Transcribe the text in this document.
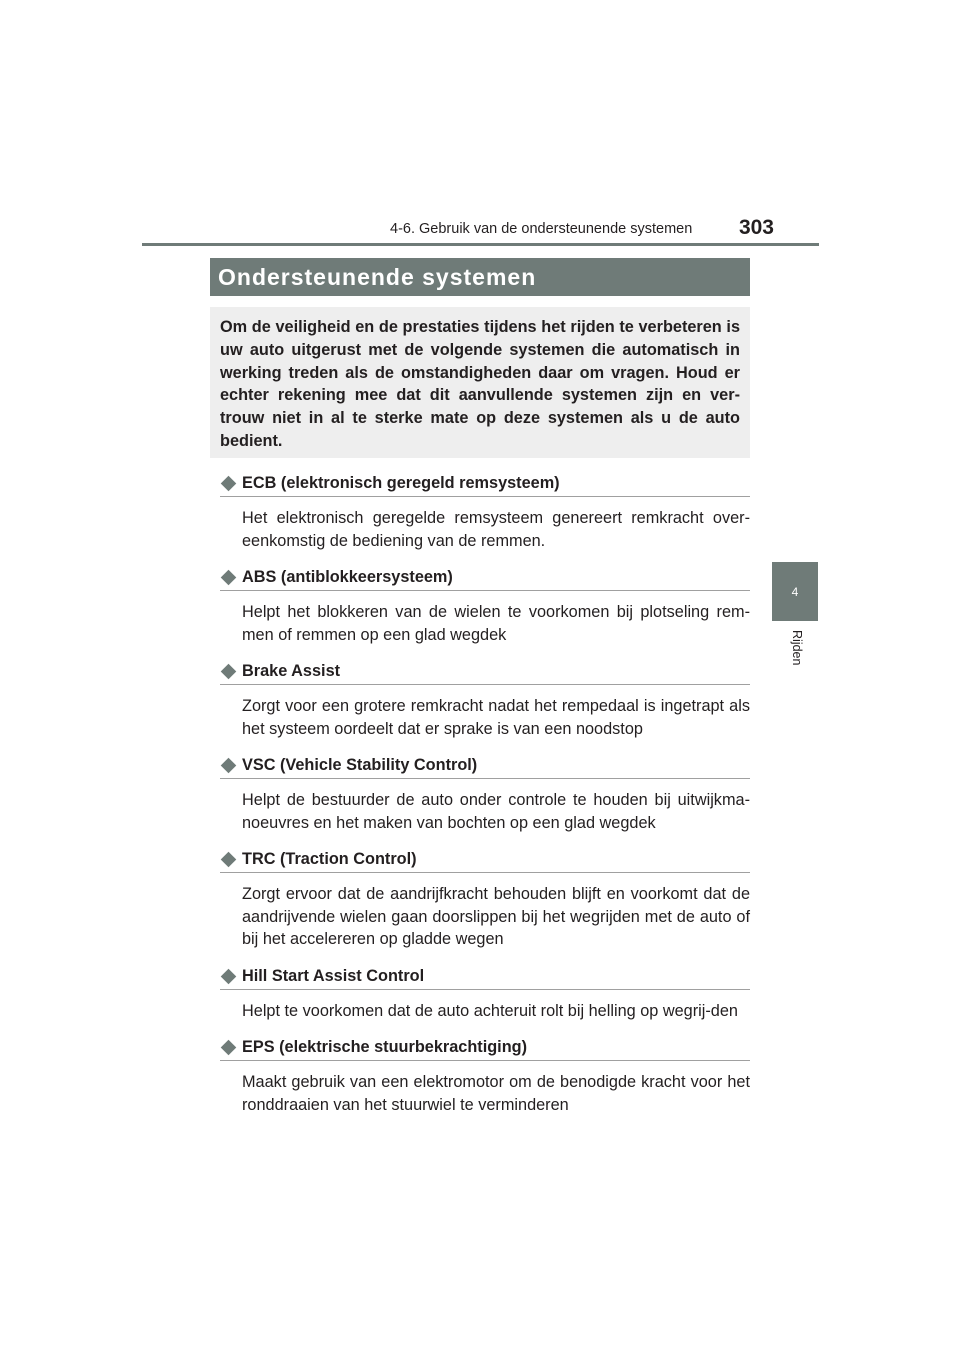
4-6. Gebruik van de ondersteunende systemen 303
4
Rijden
Ondersteunende systemen

Om de veiligheid en de prestaties tijdens het rijden te verbeteren is uw auto uitgerust met de volgende systemen die automatisch in werking treden als de omstandigheden daar om vragen. Houd er echter rekening mee dat dit aanvullende systemen zijn en ver-trouw niet in al te sterke mate op deze systemen als u de auto bedient.

ECB (elektronisch geregeld remsysteem)

Het elektronisch geregelde remsysteem genereert remkracht over-eenkomstig de bediening van de remmen.

ABS (antiblokkeersysteem)

Helpt het blokkeren van de wielen te voorkomen bij plotseling rem-men of remmen op een glad wegdek

Brake Assist

Zorgt voor een grotere remkracht nadat het rempedaal is ingetrapt als het systeem oordeelt dat er sprake is van een noodstop

VSC (Vehicle Stability Control)

Helpt de bestuurder de auto onder controle te houden bij uitwijkma-noeuvres en het maken van bochten op een glad wegdek

TRC (Traction Control)

Zorgt ervoor dat de aandrijfkracht behouden blijft en voorkomt dat de aandrijvende wielen gaan doorslippen bij het wegrijden met de auto of bij het accelereren op gladde wegen

Hill Start Assist Control

Helpt te voorkomen dat de auto achteruit rolt bij helling op wegrij-den

EPS (elektrische stuurbekrachtiging)

Maakt gebruik van een elektromotor om de benodigde kracht voor het ronddraaien van het stuurwiel te verminderen
